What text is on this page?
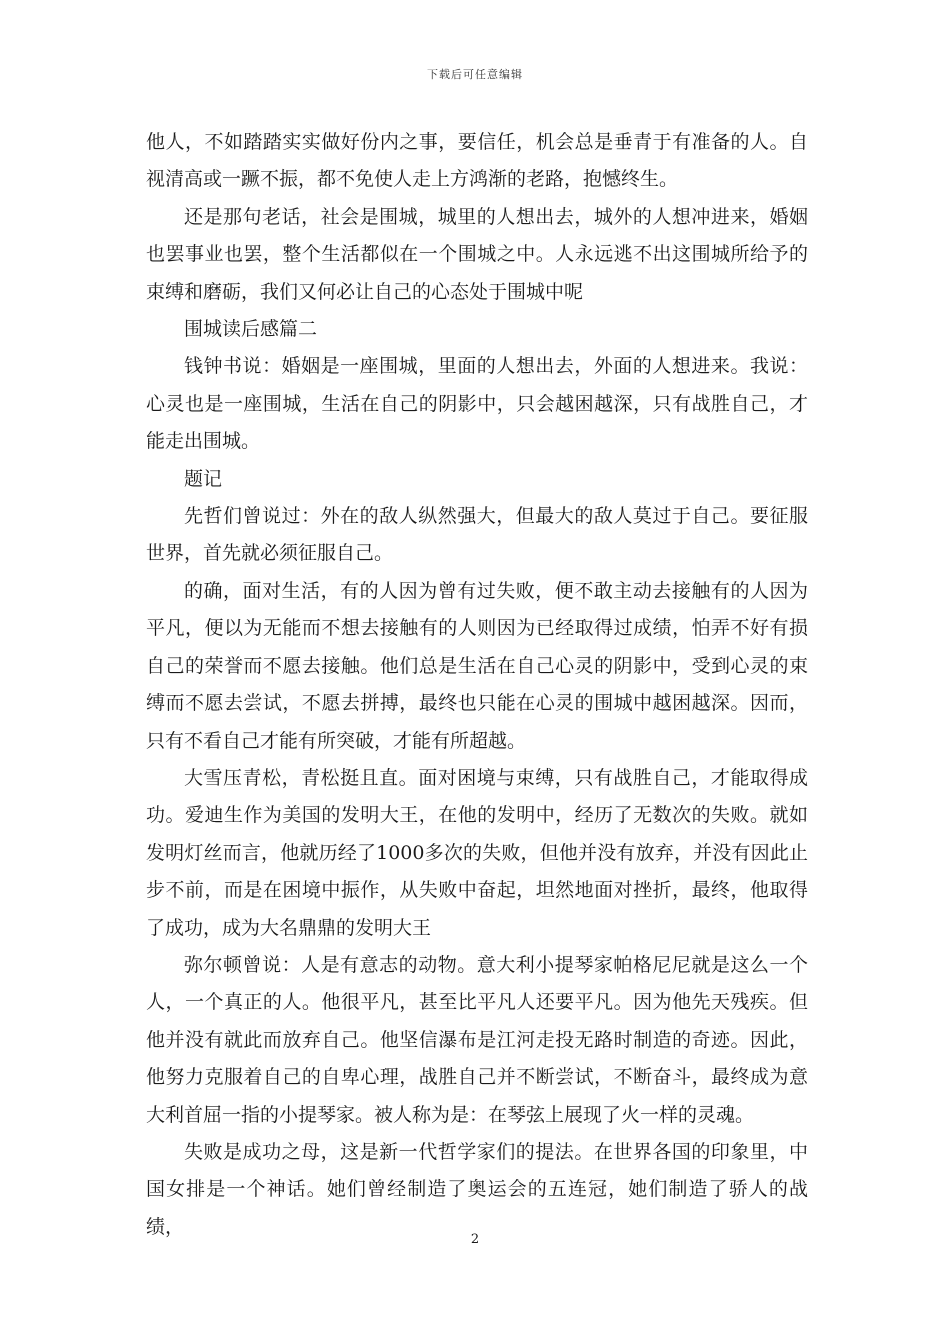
下载后可任意编辑

他人，不如踏踏实实做好份内之事，要信任，机会总是垂青于有准备的人。自视清高或一蹶不振，都不免使人走上方鸿渐的老路，抱憾终生。

还是那句老话，社会是围城，城里的人想出去，城外的人想冲进来，婚姻也罢事业也罢，整个生活都似在一个围城之中。人永远逃不出这围城所给予的束缚和磨砺，我们又何必让自己的心态处于围城中呢

围城读后感篇二

钱钟书说：婚姻是一座围城，里面的人想出去，外面的人想进来。我说：心灵也是一座围城，生活在自己的阴影中，只会越困越深，只有战胜自己，才能走出围城。

题记

先哲们曾说过：外在的敌人纵然强大，但最大的敌人莫过于自己。要征服世界，首先就必须征服自己。

的确，面对生活，有的人因为曾有过失败，便不敢主动去接触有的人因为平凡，便以为无能而不想去接触有的人则因为已经取得过成绩，怕弄不好有损自己的荣誉而不愿去接触。他们总是生活在自己心灵的阴影中，受到心灵的束缚而不愿去尝试，不愿去拼搏，最终也只能在心灵的围城中越困越深。因而，只有不看自己才能有所突破，才能有所超越。

大雪压青松，青松挺且直。面对困境与束缚，只有战胜自己，才能取得成功。爱迪生作为美国的发明大王，在他的发明中，经历了无数次的失败。就如发明灯丝而言，他就历经了1000多次的失败，但他并没有放弃，并没有因此止步不前，而是在困境中振作，从失败中奋起，坦然地面对挫折，最终，他取得了成功，成为大名鼎鼎的发明大王

弥尔顿曾说：人是有意志的动物。意大利小提琴家帕格尼尼就是这么一个人，一个真正的人。他很平凡，甚至比平凡人还要平凡。因为他先天残疾。但他并没有就此而放弃自己。他坚信瀑布是江河走投无路时制造的奇迹。因此，他努力克服着自己的自卑心理，战胜自己并不断尝试，不断奋斗，最终成为意大利首屈一指的小提琴家。被人称为是：在琴弦上展现了火一样的灵魂。

失败是成功之母，这是新一代哲学家们的提法。在世界各国的印象里，中国女排是一个神话。她们曾经制造了奥运会的五连冠，她们制造了骄人的战绩，

2
